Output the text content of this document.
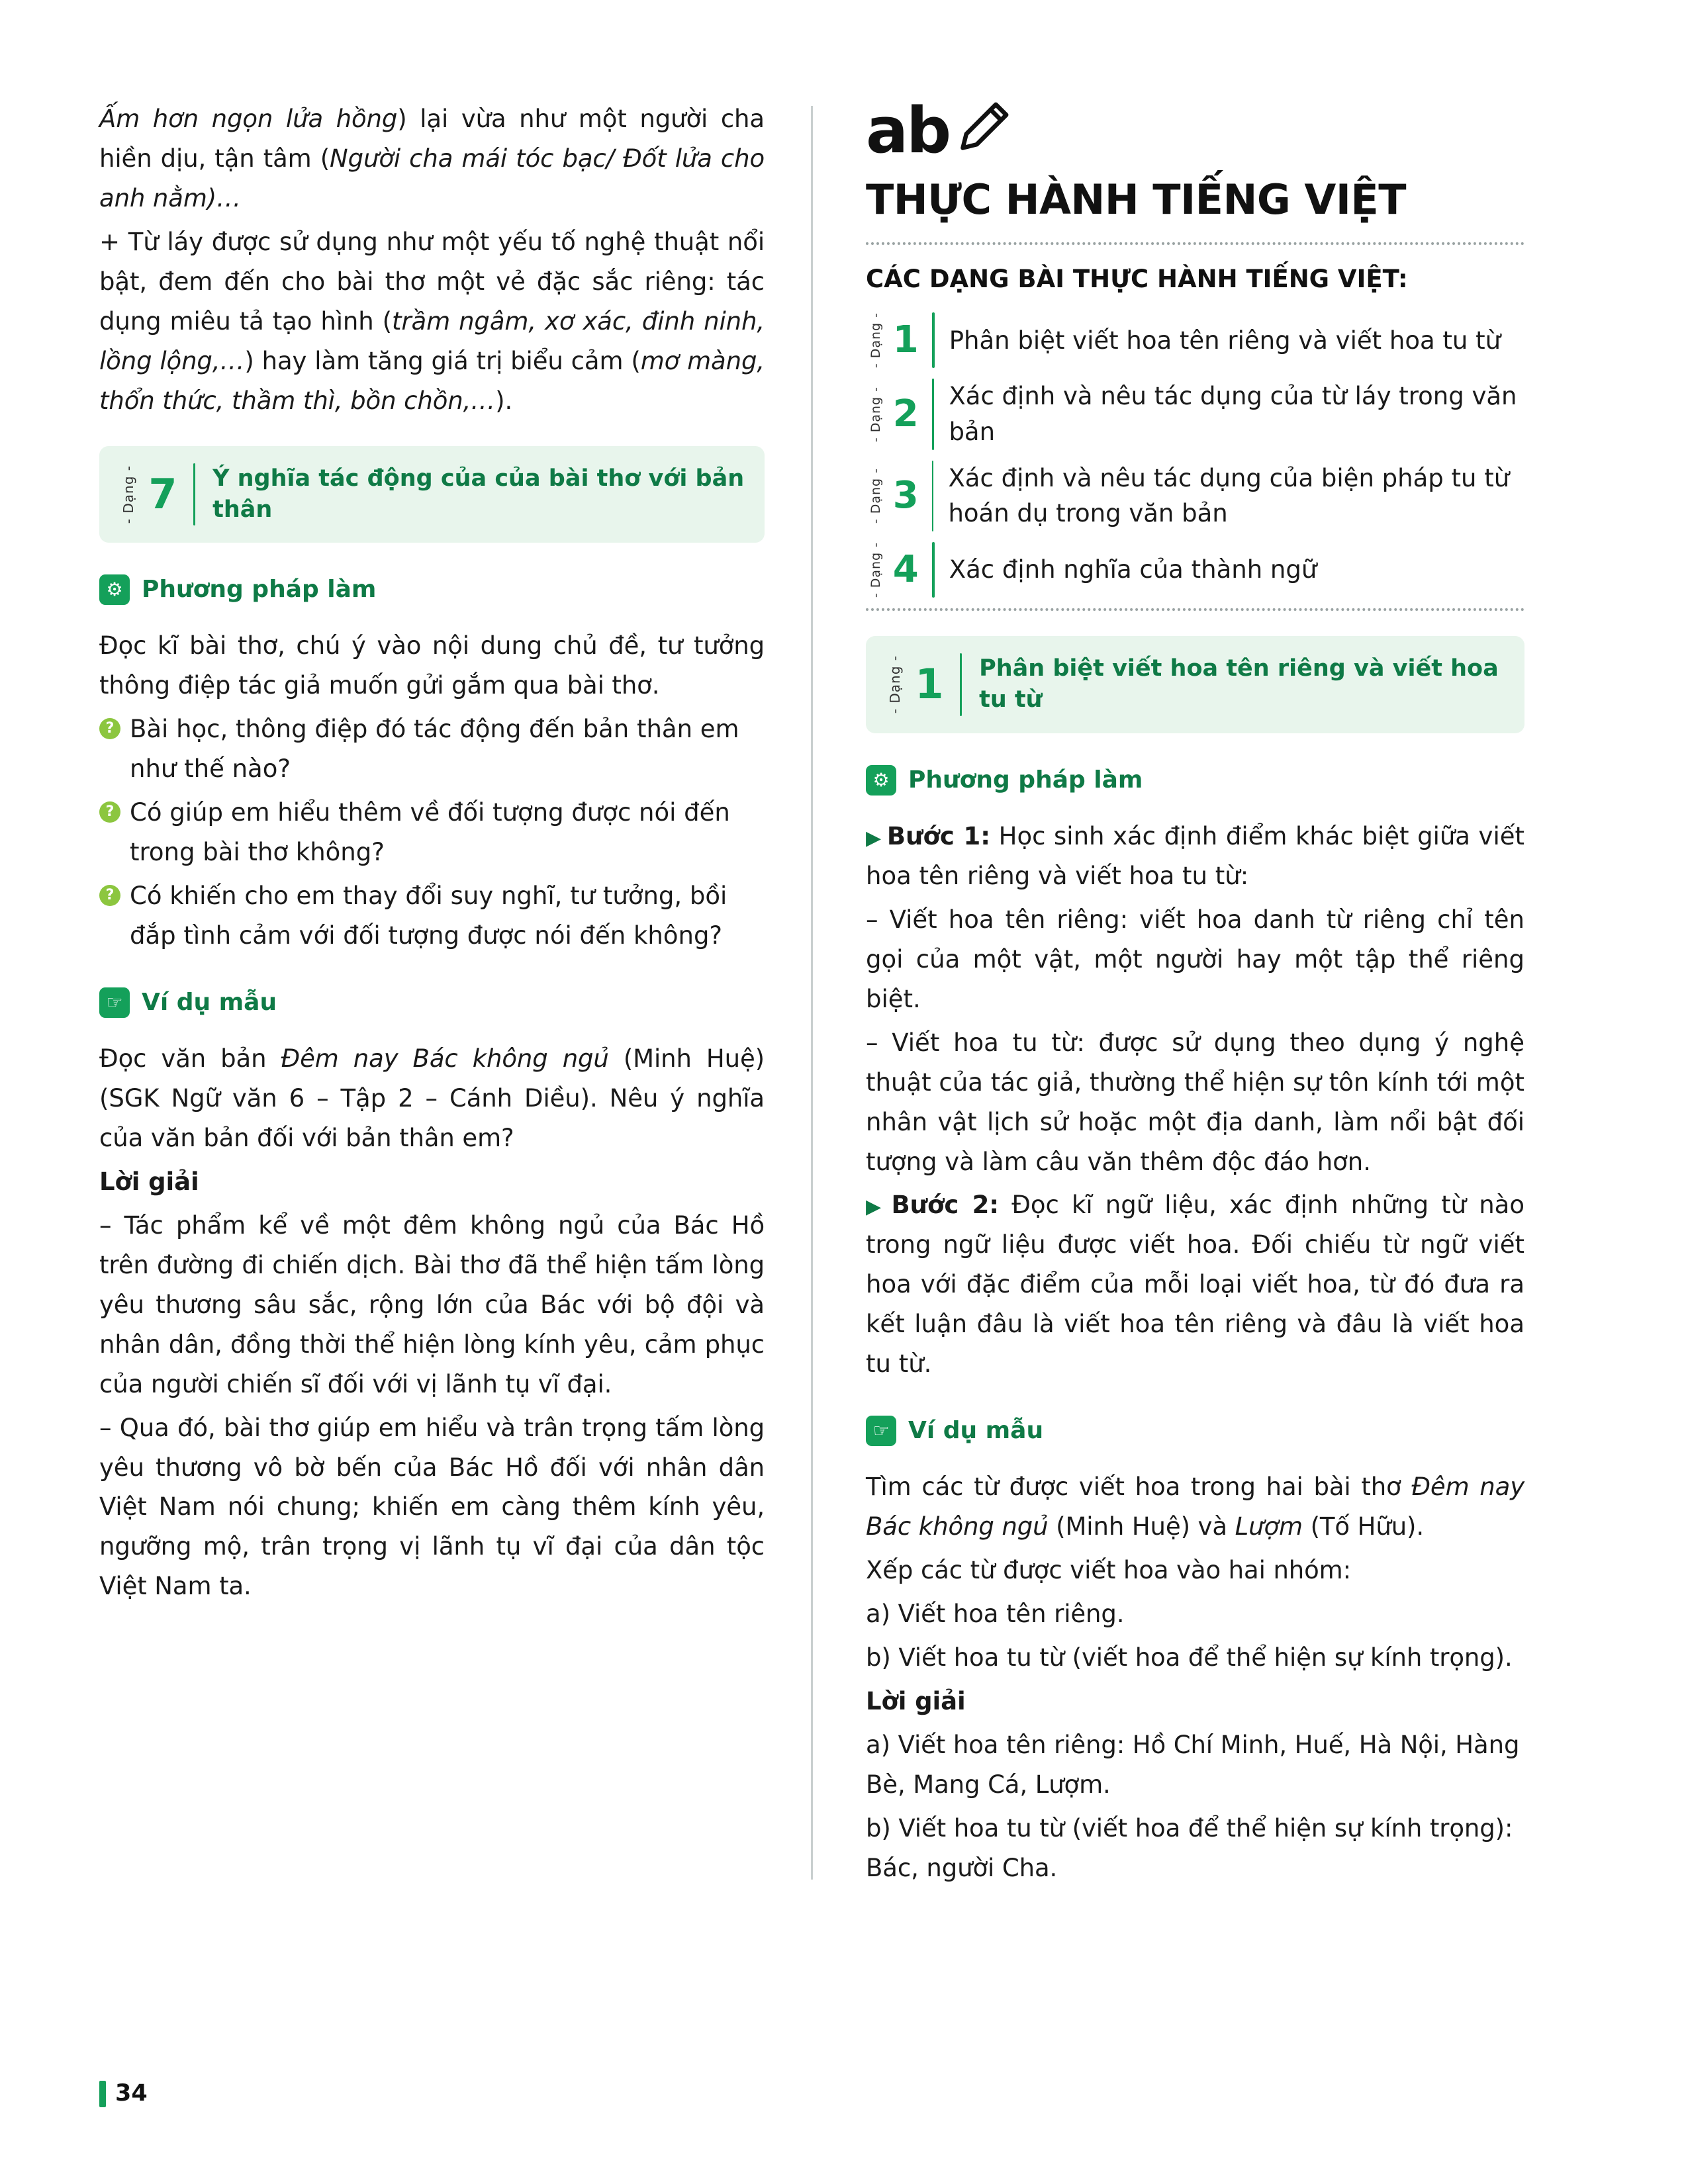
Ấm hơn ngọn lửa hồng) lại vừa như một người cha hiền dịu, tận tâm (Người cha mái tóc bạc/ Đốt lửa cho anh nằm)…

+ Từ láy được sử dụng như một yếu tố nghệ thuật nổi bật, đem đến cho bài thơ một vẻ đặc sắc riêng: tác dụng miêu tả tạo hình (trầm ngâm, xơ xác, đinh ninh, lồng lộng,…) hay làm tăng giá trị biểu cảm (mơ màng, thổn thức, thầm thì, bồn chồn,…).

- Dạng - 7	Ý nghĩa tác động của của bài thơ với bản thân
⚙ Phương pháp làm

Đọc kĩ bài thơ, chú ý vào nội dung chủ đề, tư tưởng thông điệp tác giả muốn gửi gắm qua bài thơ.

? Bài học, thông điệp đó tác động đến bản thân em như thế nào?
? Có giúp em hiểu thêm về đối tượng được nói đến trong bài thơ không?
? Có khiến cho em thay đổi suy nghĩ, tư tưởng, bồi đắp tình cảm với đối tượng được nói đến không?
☞ Ví dụ mẫu

Đọc văn bản Đêm nay Bác không ngủ (Minh Huệ) (SGK Ngữ văn 6 – Tập 2 – Cánh Diều). Nêu ý nghĩa của văn bản đối với bản thân em?

Lời giải

– Tác phẩm kể về một đêm không ngủ của Bác Hồ trên đường đi chiến dịch. Bài thơ đã thể hiện tấm lòng yêu thương sâu sắc, rộng lớn của Bác với bộ đội và nhân dân, đồng thời thể hiện lòng kính yêu, cảm phục của người chiến sĩ đối với vị lãnh tụ vĩ đại.

– Qua đó, bài thơ giúp em hiểu và trân trọng tấm lòng yêu thương vô bờ bến của Bác Hồ đối với nhân dân Việt Nam nói chung; khiến em càng thêm kính yêu, ngưỡng mộ, trân trọng vị lãnh tụ vĩ đại của dân tộc Việt Nam ta.

ab
THỰC HÀNH TIẾNG VIỆT
CÁC DẠNG BÀI THỰC HÀNH TIẾNG VIỆT:
- Dạng - 1	Phân biệt viết hoa tên riêng và viết hoa tu từ
- Dạng - 2	Xác định và nêu tác dụng của từ láy trong văn bản
- Dạng - 3	Xác định và nêu tác dụng của biện pháp tu từ hoán dụ trong văn bản
- Dạng - 4	Xác định nghĩa của thành ngữ
- Dạng - 1	Phân biệt viết hoa tên riêng và viết hoa tu từ
⚙ Phương pháp làm

▶ Bước 1: Học sinh xác định điểm khác biệt giữa viết hoa tên riêng và viết hoa tu từ:

– Viết hoa tên riêng: viết hoa danh từ riêng chỉ tên gọi của một vật, một người hay một tập thể riêng biệt.

– Viết hoa tu từ: được sử dụng theo dụng ý nghệ thuật của tác giả, thường thể hiện sự tôn kính tới một nhân vật lịch sử hoặc một địa danh, làm nổi bật đối tượng và làm câu văn thêm độc đáo hơn.

▶ Bước 2: Đọc kĩ ngữ liệu, xác định những từ nào trong ngữ liệu được viết hoa. Đối chiếu từ ngữ viết hoa với đặc điểm của mỗi loại viết hoa, từ đó đưa ra kết luận đâu là viết hoa tên riêng và đâu là viết hoa tu từ.

☞ Ví dụ mẫu

Tìm các từ được viết hoa trong hai bài thơ Đêm nay Bác không ngủ (Minh Huệ) và Lượm (Tố Hữu).

Xếp các từ được viết hoa vào hai nhóm:

a) Viết hoa tên riêng.

b) Viết hoa tu từ (viết hoa để thể hiện sự kính trọng).

Lời giải

a) Viết hoa tên riêng: Hồ Chí Minh, Huế, Hà Nội, Hàng Bè, Mang Cá, Lượm.

b) Viết hoa tu từ (viết hoa để thể hiện sự kính trọng): Bác, người Cha.

34
